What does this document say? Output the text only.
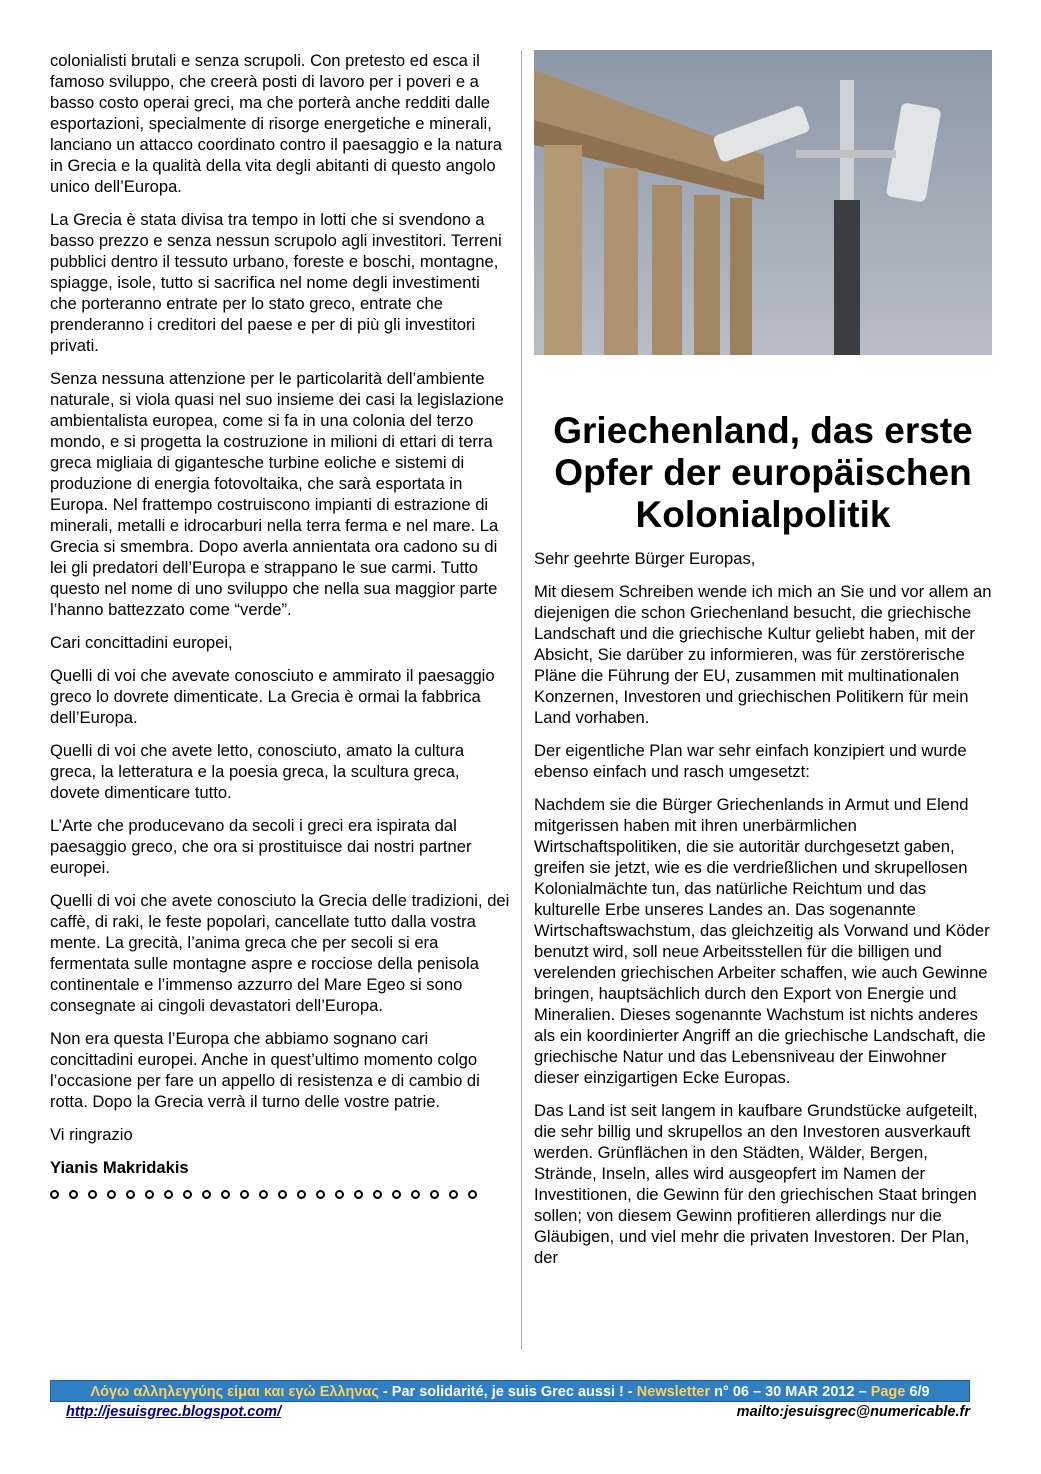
colonialisti brutali e senza scrupoli. Con pretesto ed esca il famoso sviluppo, che creerà posti di lavoro per i poveri e a basso costo operai greci, ma che porterà anche redditi dalle esportazioni, specialmente di risorge energetiche e minerali, lanciano un attacco coordinato contro il paesaggio e la natura in Grecia e la qualità della vita degli abitanti di questo angolo unico dell’Europa.

La Grecia è stata divisa tra tempo in lotti che si svendono a basso prezzo e senza nessun scrupolo agli investitori. Terreni pubblici dentro il tessuto urbano, foreste e boschi, montagne, spiagge, isole, tutto si sacrifica nel nome degli investimenti che porteranno entrate per lo stato greco, entrate che prenderanno i creditori del paese e per di più gli investitori privati.

Senza nessuna attenzione per le particolarità dell’ambiente naturale, si viola quasi nel suo insieme dei casi la legislazione ambientalista europea, come si fa in una colonia del terzo mondo, e si progetta la costruzione in milioni di ettari di terra greca migliaia di gigantesche turbine eoliche e sistemi di produzione di energia fotovoltaika, che sarà esportata in Europa. Nel frattempo costruiscono impianti di estrazione di minerali, metalli e idrocarburi nella terra ferma e nel mare. La Grecia si smembra. Dopo averla annientata ora cadono su di lei gli predatori dell’Europa e strappano le sue carmi. Tutto questo nel nome di uno sviluppo che nella sua maggior parte l’hanno battezzato come “verde”.

Cari concittadini europei,

Quelli di voi che avevate conosciuto e ammirato il paesaggio greco lo dovrete dimenticate. La Grecia è ormai la fabbrica dell’Europa.

Quelli di voi che avete letto, conosciuto, amato la cultura greca, la letteratura e la poesia greca, la scultura greca, dovete dimenticare tutto.

L’Arte che producevano da secoli i greci era ispirata dal paesaggio greco, che ora si prostituisce dai nostri partner europei.

Quelli di voi che avete conosciuto la Grecia delle tradizioni, dei caffè, di raki, le feste popolari, cancellate tutto dalla vostra mente. La grecità, l’anima greca che per secoli si era fermentata sulle montagne aspre e rocciose della penisola continentale e l’immenso azzurro del Mare Egeo si sono consegnate ai cingoli devastatori dell’Europa.

Non era questa l’Europa che abbiamo sognano cari concittadini europei. Anche in quest’ultimo momento colgo l’occasione per fare un appello di resistenza e di cambio di rotta. Dopo la Grecia verrà il turno delle vostre patrie.

Vi ringrazio

Yianis Makridakis

Griechenland, das erste Opfer der europäischen Kolonialpolitik

Sehr geehrte Bürger Europas,

Mit diesem Schreiben wende ich mich an Sie und vor allem an diejenigen die schon Griechenland besucht, die griechische Landschaft und die griechische Kultur geliebt haben, mit der Absicht, Sie darüber zu informieren, was für zerstörerische Pläne die Führung der EU, zusammen mit multinationalen Konzernen, Investoren und griechischen Politikern für mein Land vorhaben.

Der eigentliche Plan war sehr einfach konzipiert und wurde ebenso einfach und rasch umgesetzt:

Nachdem sie die Bürger Griechenlands in Armut und Elend mitgerissen haben mit ihren unerbärmlichen Wirtschaftspolitiken, die sie autoritär durchgesetzt gaben, greifen sie jetzt, wie es die verdrießlichen und skrupellosen Kolonialmächte tun, das natürliche Reichtum und das kulturelle Erbe unseres Landes an. Das sogenannte Wirtschaftswachstum, das gleichzeitig als Vorwand und Köder benutzt wird, soll neue Arbeitsstellen für die billigen und verelenden griechischen Arbeiter schaffen, wie auch Gewinne bringen, hauptsächlich durch den Export von Energie und Mineralien. Dieses sogenannte Wachstum ist nichts anderes als ein koordinierter Angriff an die griechische Landschaft, die griechische Natur und das Lebensniveau der Einwohner dieser einzigartigen Ecke Europas.

Das Land ist seit langem in kaufbare Grundstücke aufgeteilt, die sehr billig und skrupellos an den Investoren ausverkauft werden. Grünflächen in den Städten, Wälder, Bergen, Strände, Inseln, alles wird ausgeopfert im Namen der Investitionen, die Gewinn für den griechischen Staat bringen sollen; von diesem Gewinn profitieren allerdings nur die Gläubigen, und viel mehr die privaten Investoren. Der Plan, der

Λόγω αλληλεγγύης είμαι και εγώ Ελληνας - Par solidarité, je suis Grec aussi ! - Newsletter n° 06 – 30 MAR 2012 – Page 6/9
http://jesuisgrec.blogspot.com/	mailto:jesuisgrec@numericable.fr
